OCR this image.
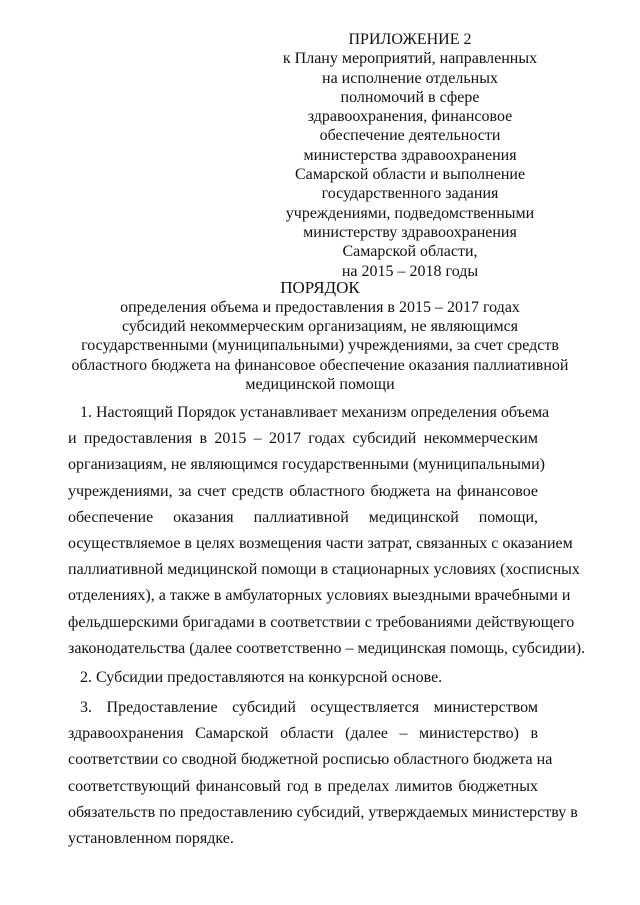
ПРИЛОЖЕНИЕ 2
к Плану мероприятий, направленных
на исполнение отдельных
полномочий в сфере
здравоохранения, финансовое
обеспечение деятельности
министерства здравоохранения
Самарской области и выполнение
государственного задания
учреждениями, подведомственными
министерству здравоохранения
Самарской области,
на 2015 – 2018 годы
ПОРЯДОК
определения объема и предоставления в 2015 – 2017 годах
субсидий некоммерческим организациям, не являющимся
государственными (муниципальными) учреждениями, за счет средств
областного бюджета на финансовое обеспечение оказания паллиативной
медицинской помощи
1. Настоящий Порядок устанавливает механизм определения объема
и предоставления в 2015 – 2017 годах субсидий некоммерческим
организациям, не являющимся государственными (муниципальными)
учреждениями, за счет средств областного бюджета на финансовое
обеспечение оказания паллиативной медицинской помощи,
осуществляемое в целях возмещения части затрат, связанных с оказанием
паллиативной медицинской помощи в стационарных условиях (хосписных
отделениях), а также в амбулаторных условиях выездными врачебными и
фельдшерскими бригадами в соответствии с требованиями действующего
законодательства (далее соответственно – медицинская помощь, субсидии).
2. Субсидии предоставляются на конкурсной основе.
3. Предоставление субсидий осуществляется министерством
здравоохранения Самарской области (далее – министерство) в
соответствии со сводной бюджетной росписью областного бюджета на
соответствующий финансовый год в пределах лимитов бюджетных
обязательств по предоставлению субсидий, утверждаемых министерству в
установленном порядке.
